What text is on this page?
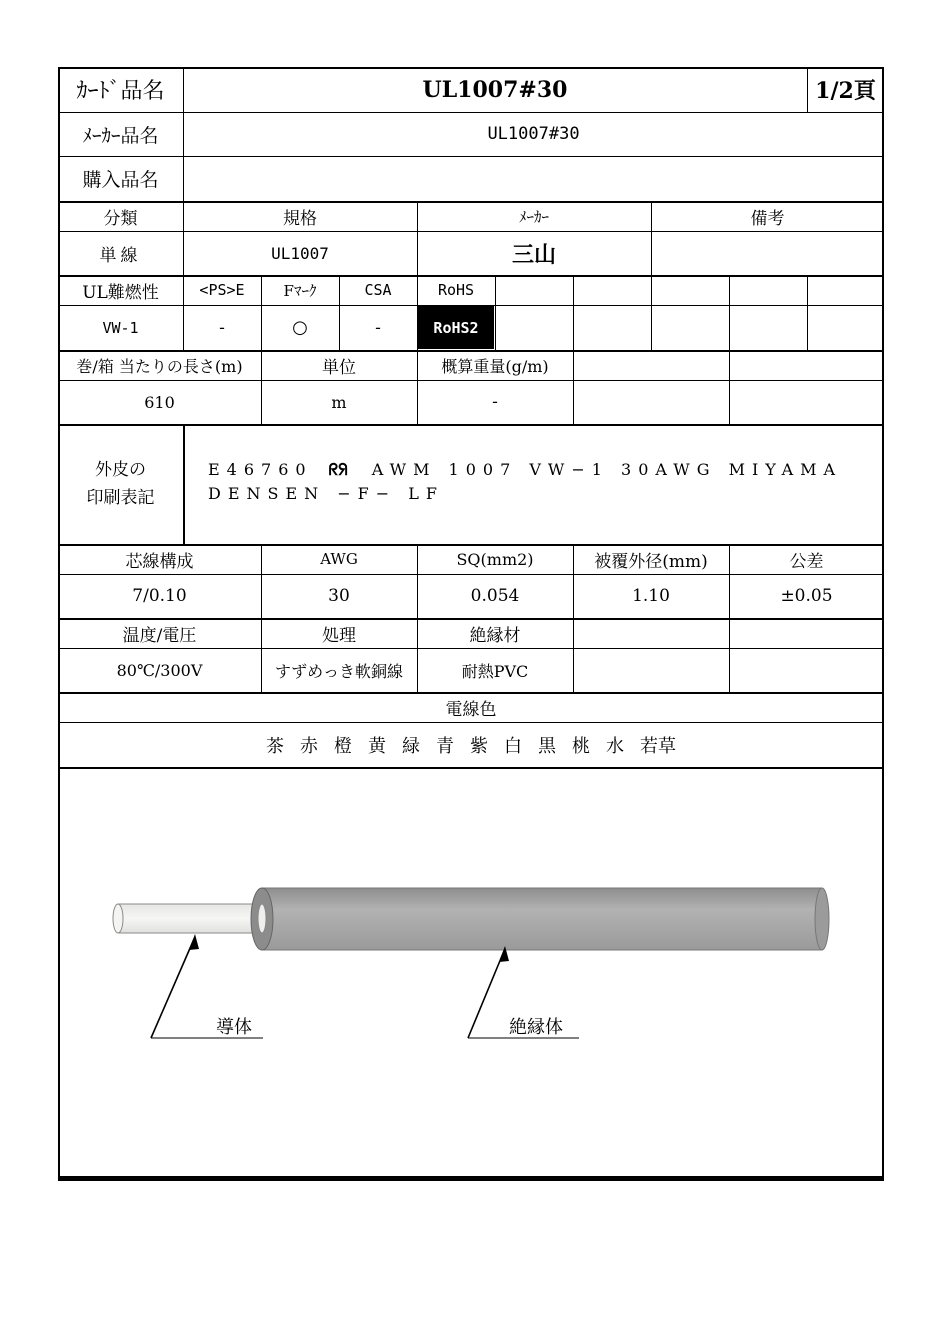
ｶｰﾄﾞ品名	UL1007#30	1/2頁
ﾒｰｶｰ品名	UL1007#30
購入品名
分類	規格	ﾒｰｶｰ	備考
単線	UL1007	三山
UL難燃性	<PS>E	Fﾏｰｸ	CSA	RoHS
VW-1	-	○	-	RoHS2
巻/箱 当たりの長さ(m)	単位	概算重量(g/m)
610	m	-
外皮の
印刷表記
E46760 ᖇᖆ AWM 1007 VW−1 30AWG MIYAMA
DENSEN −F− LF
芯線構成	AWG	SQ(mm2)	被覆外径(mm)	公差
7/0.10	30	0.054	1.10	±0.05
温度/電圧	処理	絶縁材
80℃/300V	すずめっき軟銅線	耐熱PVC
電線色
茶 赤 橙 黄 緑 青 紫 白 黒 桃 水 若草
導体	絶縁体
